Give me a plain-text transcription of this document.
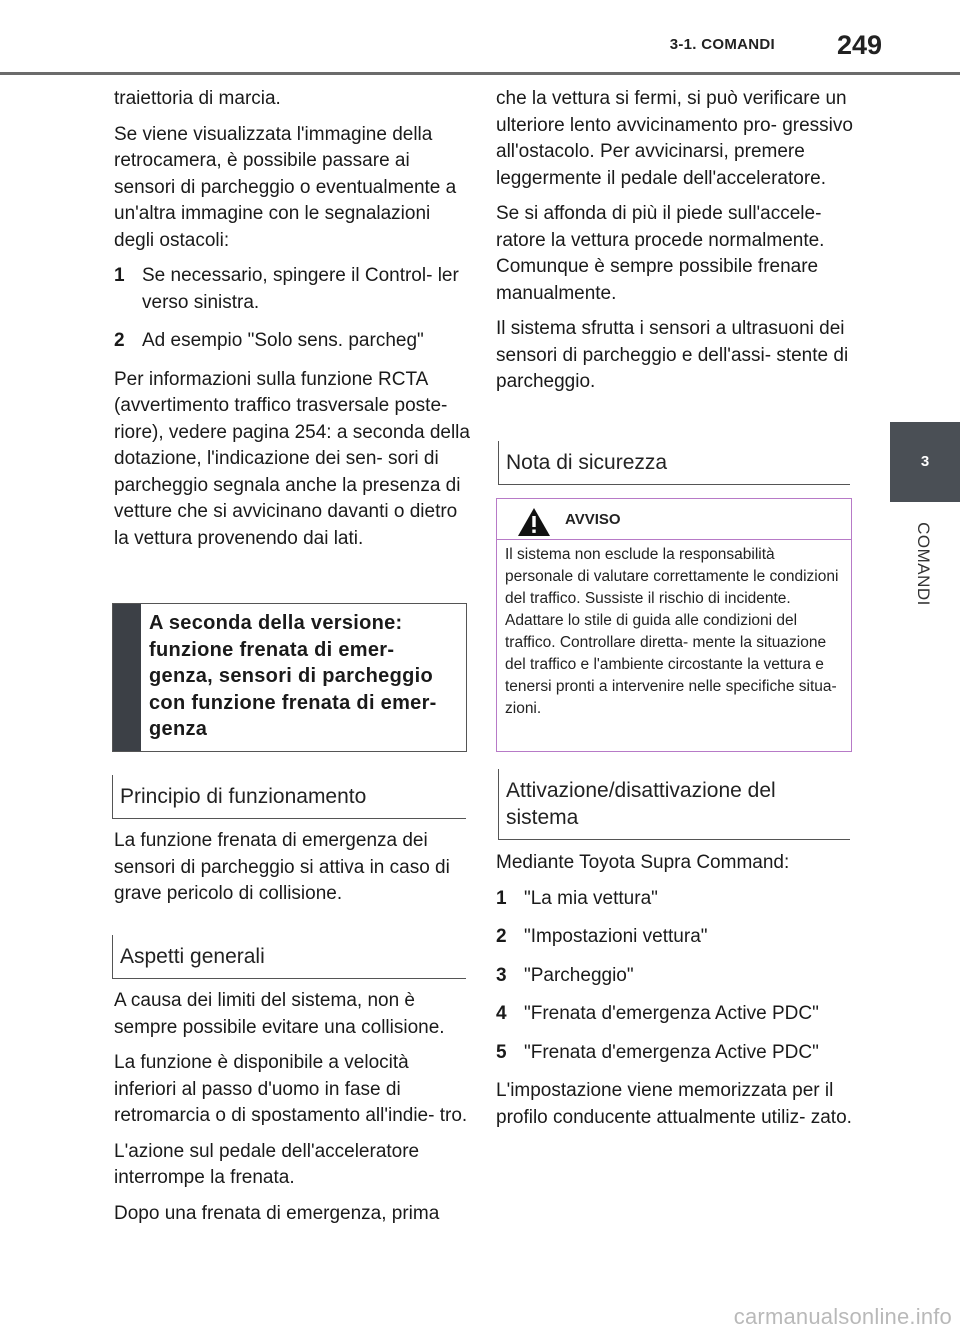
3-1. COMANDI 249
3
COMANDI

traiettoria di marcia.

Se viene visualizzata l'immagine della retrocamera, è possibile passare ai sensori di parcheggio o eventualmente a un'altra immagine con le segnalazioni degli ostacoli:

1 Se necessario, spingere il Control- ler verso sinistra.
2 Ad esempio "Solo sens. parcheg"

Per informazioni sulla funzione RCTA (avvertimento traffico trasversale poste- riore), vedere pagina 254: a seconda della dotazione, l'indicazione dei sen- sori di parcheggio segnala anche la presenza di vetture che si avvicinano davanti o dietro la vettura provenendo dai lati.

A seconda della versione: funzione frenata di emer- genza, sensori di parcheggio con funzione frenata di emer- genza
Principio di funzionamento

La funzione frenata di emergenza dei sensori di parcheggio si attiva in caso di grave pericolo di collisione.

Aspetti generali

A causa dei limiti del sistema, non è sempre possibile evitare una collisione.

La funzione è disponibile a velocità inferiori al passo d'uomo in fase di retromarcia o di spostamento all'indie- tro.

L'azione sul pedale dell'acceleratore interrompe la frenata.

Dopo una frenata di emergenza, prima

che la vettura si fermi, si può verificare un ulteriore lento avvicinamento pro- gressivo all'ostacolo. Per avvicinarsi, premere leggermente il pedale dell'acceleratore.

Se si affonda di più il piede sull'accele- ratore la vettura procede normalmente. Comunque è sempre possibile frenare manualmente.

Il sistema sfrutta i sensori a ultrasuoni dei sensori di parcheggio e dell'assi- stente di parcheggio.

Nota di sicurezza
AVVISO
Il sistema non esclude la responsabilità personale di valutare correttamente le condizioni del traffico. Sussiste il rischio di incidente. Adattare lo stile di guida alle condizioni del traffico. Controllare diretta- mente la situazione del traffico e l'ambiente circostante la vettura e tenersi pronti a intervenire nelle specifiche situa- zioni.
Attivazione/disattivazione del sistema

Mediante Toyota Supra Command:

1 "La mia vettura"
2 "Impostazioni vettura"
3 "Parcheggio"
4 "Frenata d'emergenza Active PDC"
5 "Frenata d'emergenza Active PDC"

L'impostazione viene memorizzata per il profilo conducente attualmente utiliz- zato.

carmanualsonline.info
